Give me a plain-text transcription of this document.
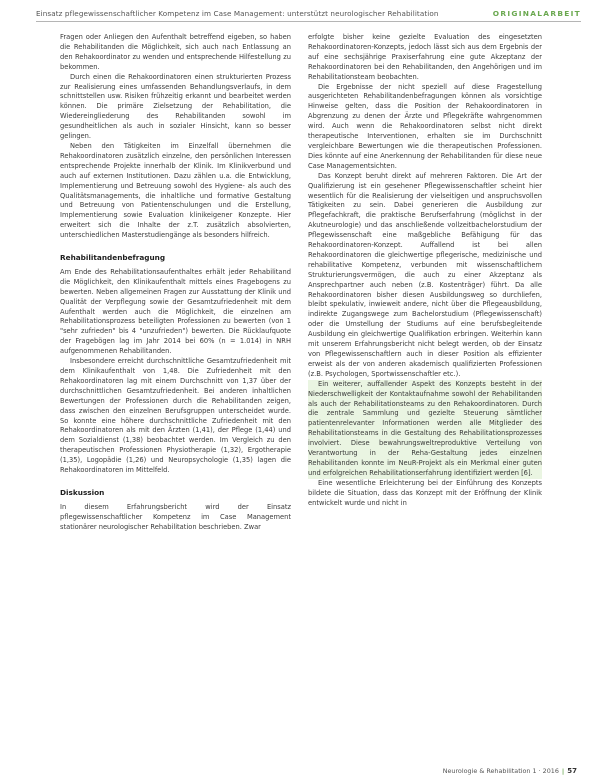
Einsatz pflegewissenschaftlicher Kompetenz im Case Management: unterstützt neurologischer Rehabilitation	ORIGINALARBEIT

Fragen oder Anliegen den Aufenthalt betreffend eigeben, so haben die Rehabilitanden die Möglichkeit, sich auch nach Entlassung an den Rehakoordinator zu wenden und entsprechende Hilfestellung zu bekommen.

Durch einen die Rehakoordinatoren einen strukturierten Prozess zur Realisierung eines umfassenden Behandlungsverlaufs, in dem schnittstellen usw. Risiken frühzeitig erkannt und bearbeitet werden können. Die primäre Zielsetzung der Rehabilitation, die Wiedereingliederung des Rehabilitanden sowohl im gesundheitlichen als auch in sozialer Hinsicht, kann so besser gelingen.

Neben den Tätigkeiten im Einzelfall übernehmen die Rehakoordinatoren zusätzlich einzelne, den persönlichen Interessen entsprechende Projekte innerhalb der Klinik. Im Klinikverbund und auch auf externen Institutionen. Dazu zählen u.a. die Entwicklung, Implementierung und Betreuung sowohl des Hygiene- als auch des Qualitätsmanagements, die inhaltliche und formative Gestaltung und Betreuung von Patientenschulungen und die Erstellung, Implementierung sowie Evaluation klinikeigener Konzepte. Hier erweitert sich die Inhalte der z.T. zusätzlich absolvierten, unterschiedlichen Masterstudiengänge als besonders hilfreich.

Rehabilitandenbefragung

Am Ende des Rehabilitationsaufenthaltes erhält jeder Rehabilitand die Möglichkeit, den Klinikaufenthalt mittels eines Fragebogens zu bewerten. Neben allgemeinen Fragen zur Ausstattung der Klinik und Qualität der Verpflegung sowie der Gesamtzufriedenheit mit dem Aufenthalt werden auch die Möglichkeit, die einzelnen am Rehabilitationsprozess beteiligten Professionen zu bewerten (von 1 "sehr zufrieden" bis 4 "unzufrieden") bewerten. Die Rücklaufquote der Fragebögen lag im Jahr 2014 bei 60% (n = 1.014) in NRH aufgenommenen Rehabilitanden.

Insbesondere erreicht durchschnittliche Gesamtzufriedenheit mit dem Klinikaufenthalt von 1,48. Die Zufriedenheit mit den Rehakoordinatoren lag mit einem Durchschnitt von 1,37 über der durchschnittlichen Gesamtzufriedenheit. Bei anderen inhaltlichen Bewertungen der Professionen durch die Rehabilitanden zeigen, dass zwischen den einzelnen Berufsgruppen unterscheidet wurde. So konnte eine höhere durchschnittliche Zufriedenheit mit den Rehakoordinatoren als mit den Ärzten (1,41), der Pflege (1,44) und dem Sozialdienst (1,38) beobachtet werden. Im Vergleich zu den therapeutischen Professionen Physiotherapie (1,32), Ergotherapie (1,35), Logopädie (1,26) und Neuropsychologie (1,35) lagen die Rehakoordinatoren im Mittelfeld.

Diskussion

In diesem Erfahrungsbericht wird der Einsatz pflegewissenschaftlicher Kompetenz im Case Management stationärer neurologischer Rehabilitation beschrieben. Zwar

erfolgte bisher keine gezielte Evaluation des eingesetzten Rehakoordinatoren-Konzepts, jedoch lässt sich aus dem Ergebnis der auf eine sechsjährige Praxiserfahrung eine gute Akzeptanz der Rehakoordinatoren bei den Rehabilitanden, den Angehörigen und im Rehabilitationsteam beobachten.

Die Ergebnisse der nicht speziell auf diese Fragestellung ausgerichteten Rehabilitandenbefragungen können als vorsichtige Hinweise gelten, dass die Position der Rehakoordinatoren in Abgrenzung zu denen der Ärzte und Pflegekräfte wahrgenommen wird. Auch wenn die Rehakoordinatoren selbst nicht direkt therapeutische Interventionen, erhalten sie im Durchschnitt vergleichbare Bewertungen wie die therapeutischen Professionen. Dies könnte auf eine Anerkennung der Rehabilitanden für diese neue Case Managementsichten.

Das Konzept beruht direkt auf mehreren Faktoren. Die Art der Qualifizierung ist ein gesehener Pflegewissenschaftler scheint hier wesentlich für die Realisierung der vielseitigen und anspruchsvollen Tätigkeiten zu sein. Dabei generieren die Ausbildung zur Pflegefachkraft, die praktische Berufserfahrung (möglichst in der Akutneurologie) und das anschließende vollzeitbachelorstudium der Pflegewissenschaft eine maßgebliche Befähigung für das Rehakoordinatoren-Konzept. Auffallend ist bei allen Rehakoordinatoren die gleichwertige pflegerische, medizinische und rehabilitative Kompetenz, verbunden mit wissenschaftlichem Strukturierungsvermögen, die auch zu einer Akzeptanz als Ansprechpartner auch neben (z.B. Kostenträger) führt. Da alle Rehakoordinatoren bisher diesen Ausbildungsweg so durchliefen, bleibt spekulativ, inwieweit andere, nicht über die Pflegeausbildung, indirekte Zugangswege zum Bachelorstudium (Pflegewissenschaft) oder die Umstellung der Studiums auf eine berufsbegleitende Ausbildung ein gleichwertige Qualifikation erbringen. Weiterhin kann mit unserem Erfahrungsbericht nicht belegt werden, ob der Einsatz von Pflegewissenschaftlern auch in dieser Position als effizienter erweist als der von anderen akademisch qualifizierten Professionen (z.B. Psychologen, Sportwissenschaftler etc.).

Ein weiterer, auffallender Aspekt des Konzepts besteht in der Niederschwelligkeit der Kontaktaufnahme sowohl der Rehabilitanden als auch der Rehabilitationsteams zu den Rehakoordinatoren. Durch die zentrale Sammlung und gezielte Steuerung sämtlicher patientenrelevanter Informationen werden alle Mitglieder des Rehabilitationsteams in die Gestaltung des Rehabilitationsprozesses involviert. Diese bewahrungsweltreproduktive Verteilung von Verantwortung in der Reha-Gestaltung jedes einzelnen Rehabilitanden konnte im NeuR-Projekt als ein Merkmal einer guten und erfolgreichen Rehabilitationserfahrung identifiziert werden [6].

Eine wesentliche Erleichterung bei der Einführung des Konzepts bildete die Situation, dass das Konzept mit der Eröffnung der Klinik entwickelt wurde und nicht in

Neurologie & Rehabilitation 1 · 2016 | 57
